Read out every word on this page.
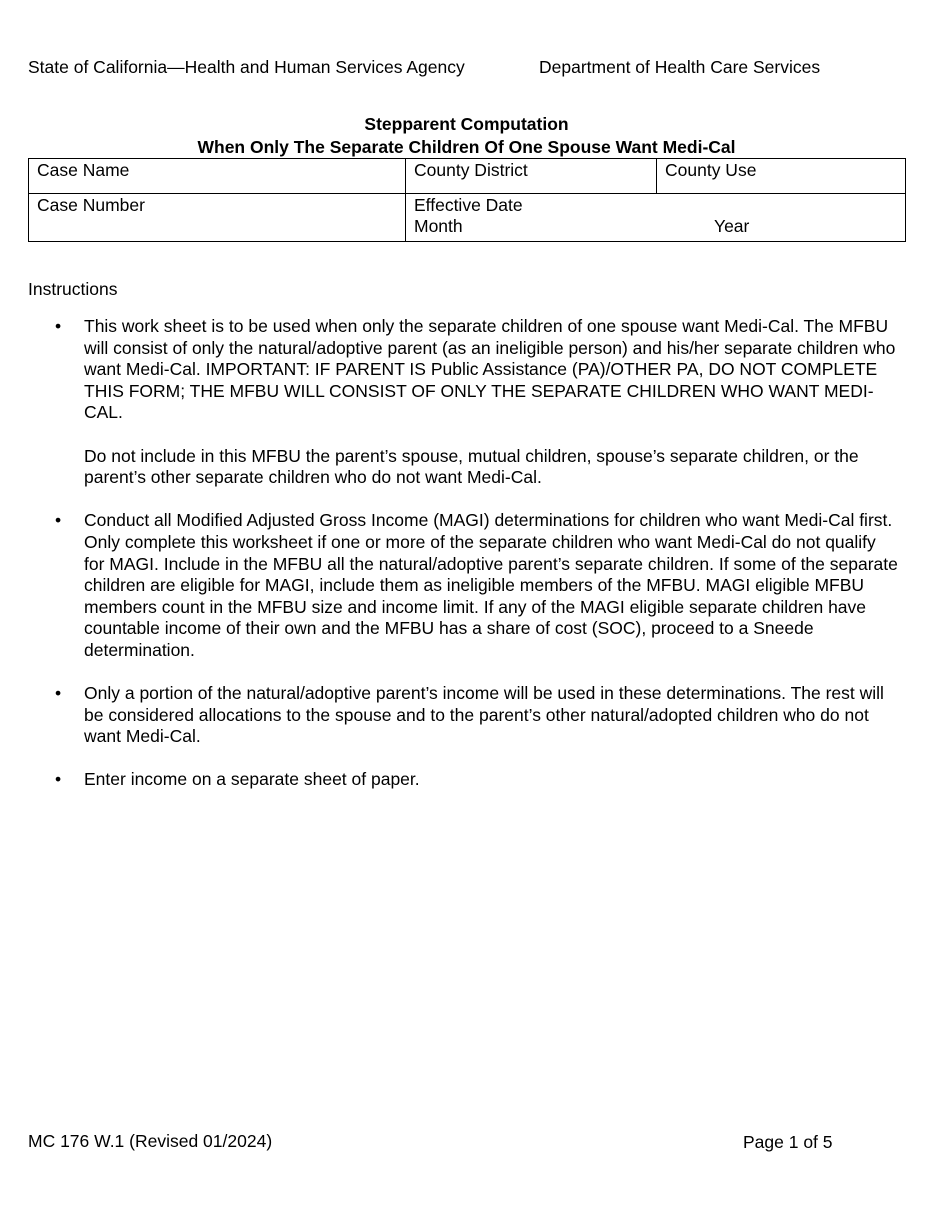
State of California—Health and Human Services Agency	Department of Health Care Services
Stepparent Computation
When Only The Separate Children Of One Spouse Want Medi-Cal
Case Name	County District	County Use
Case Number	Effective Date
Month Year	
Instructions
• This work sheet is to be used when only the separate children of one spouse want Medi-Cal. The MFBU will consist of only the natural/adoptive parent (as an ineligible person) and his/her separate children who want Medi-Cal. IMPORTANT: IF PARENT IS Public Assistance (PA)/OTHER PA, DO NOT COMPLETE THIS FORM; THE MFBU WILL CONSIST OF ONLY THE SEPARATE CHILDREN WHO WANT MEDI-CAL.

Do not include in this MFBU the parent’s spouse, mutual children, spouse’s separate children, or the parent’s other separate children who do not want Medi-Cal.

• Conduct all Modified Adjusted Gross Income (MAGI) determinations for children who want Medi-Cal first. Only complete this worksheet if one or more of the separate children who want Medi-Cal do not qualify for MAGI. Include in the MFBU all the natural/adoptive parent’s separate children. If some of the separate children are eligible for MAGI, include them as ineligible members of the MFBU. MAGI eligible MFBU members count in the MFBU size and income limit. If any of the MAGI eligible separate children have countable income of their own and the MFBU has a share of cost (SOC), proceed to a Sneede determination.

• Only a portion of the natural/adoptive parent’s income will be used in these determinations. The rest will be considered allocations to the spouse and to the parent’s other natural/adopted children who do not want Medi-Cal.

• Enter income on a separate sheet of paper.

MC 176 W.1 (Revised 01/2024)	Page 1 of 5
